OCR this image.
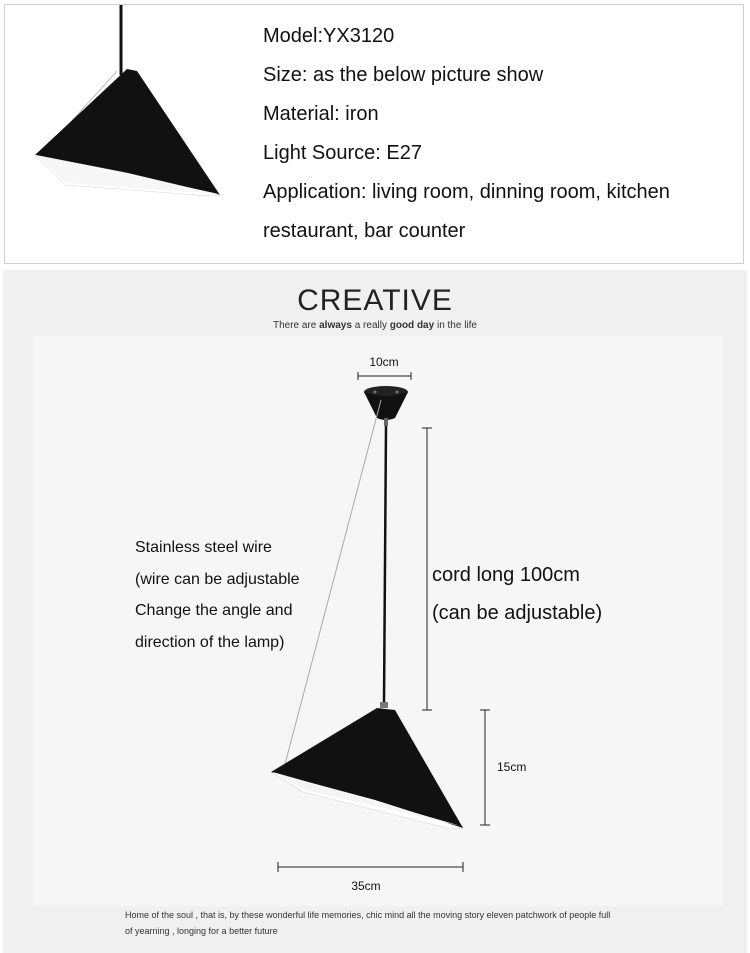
Model:YX3120
Size: as the below picture show
Material: iron
Light Source: E27
Application: living room, dinning room, kitchen
restaurant, bar counter
CREATIVE
There are always a really good day in the life
10cm
15cm
35cm
Stainless steel wire
(wire can be adjustable
Change the angle and
direction of the lamp)
cord long 100cm
(can be adjustable)
Home of the soul , that is, by these wonderful life memories, chic mind all the moving story eleven patchwork of people full
of yearning , longing for a better future
